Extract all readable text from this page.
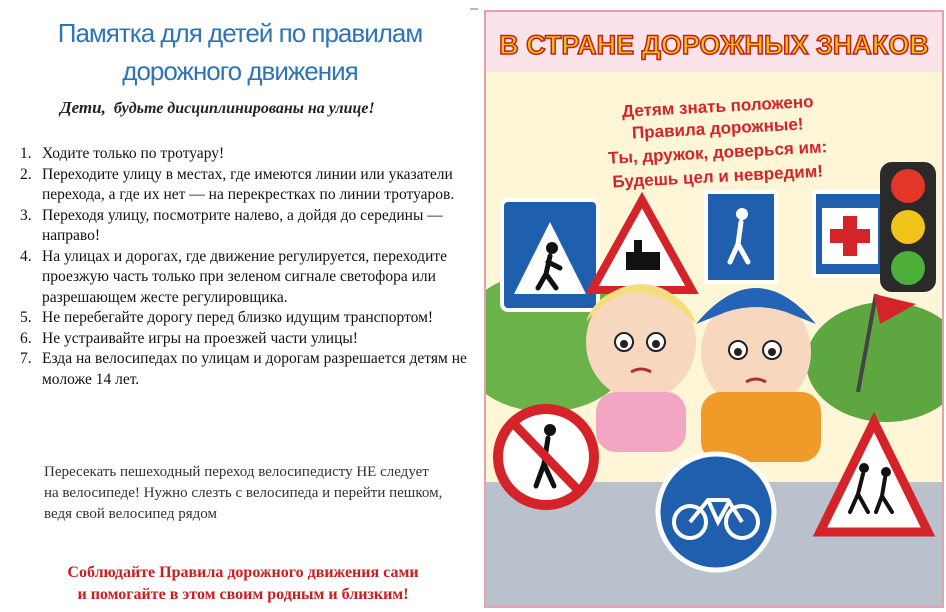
Памятка для детей по правилам
дорожного движения
Дети, будьте дисциплинированы на улице!
1. Ходите только по тротуару!
2. Переходите улицу в местах, где имеются линии или указатели перехода, а где их нет — на перекрестках по линии тротуаров.
3. Переходя улицу, посмотрите налево, а дойдя до середины — направо!
4. На улицах и дорогах, где движение регулируется, переходите проезжую часть только при зеленом сигнале светофора или разрешающем жесте регулировщика.
5. Не перебегайте дорогу перед близко идущим транспортом!
6. Не устраивайте игры на проезжей части улицы!
7. Езда на велосипедах по улицам и дорогам разрешается детям не моложе 14 лет.
Пересекать пешеходный переход велосипедисту НЕ следует на велосипеде! Нужно слезть с велосипеда и перейти пешком, ведя свой велосипед рядом
Соблюдайте Правила дорожного движения сами
и помогайте в этом своим родным и близким!
В СТРАНЕ ДОРОЖНЫХ ЗНАКОВ
Детям знать положено
Правила дорожные!
Ты, дружок, доверься им:
Будешь цел и невредим!
